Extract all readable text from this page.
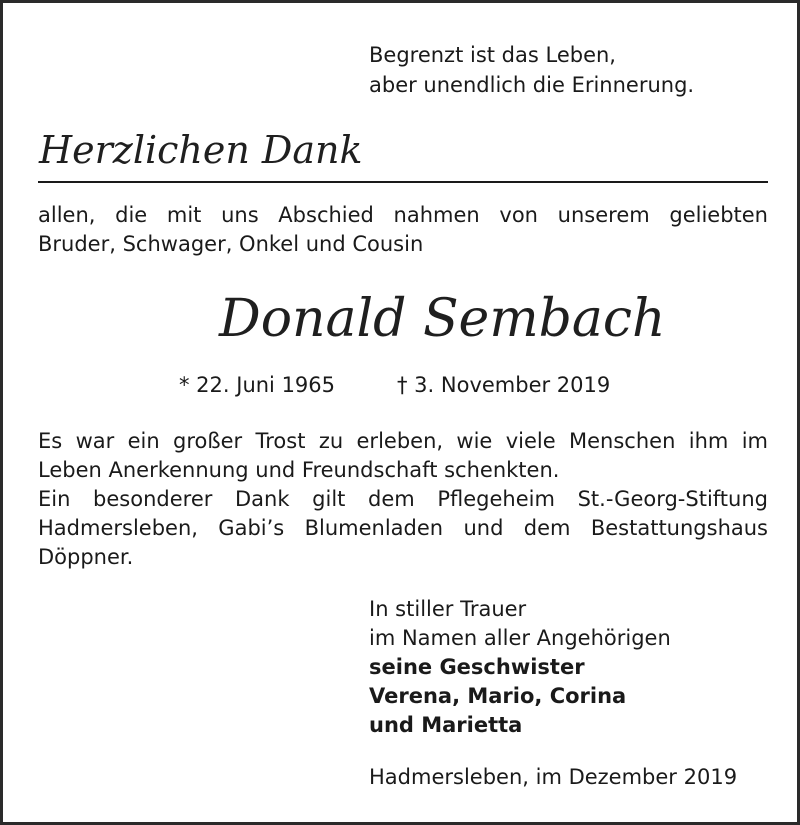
Begrenzt ist das Leben,
aber unendlich die Erinnerung.
Herzlichen Dank
allen, die mit uns Abschied nahmen von unserem geliebten
Bruder, Schwager, Onkel und Cousin
Donald Sembach
* 22. Juni 1965	† 3. November 2019
Es war ein großer Trost zu erleben, wie viele Menschen ihm im
Leben Anerkennung und Freundschaft schenkten.
Ein besonderer Dank gilt dem Pflegeheim St.-Georg-Stiftung
Hadmersleben, Gabi’s Blumenladen und dem Bestattungshaus
Döppner.
In stiller Trauer
im Namen aller Angehörigen
seine Geschwister
Verena, Mario, Corina
und Marietta
Hadmersleben, im Dezember 2019
